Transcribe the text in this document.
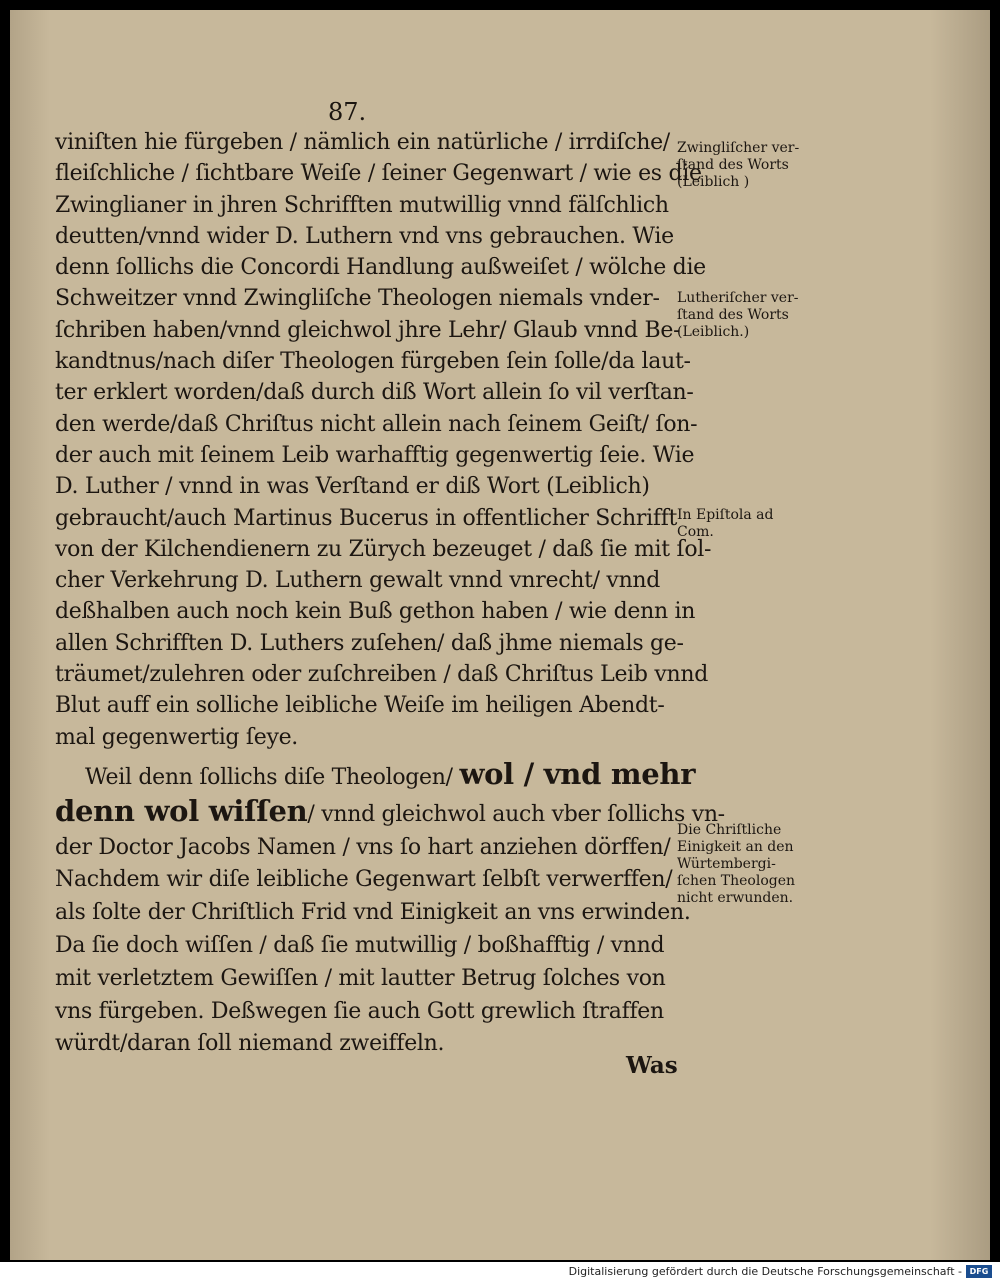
87.
viniſten hie fürgeben / nämlich ein natürliche / irrdiſche/
fleiſchliche / ſichtbare Weiſe / ſeiner Gegenwart / wie es die
Zwinglianer in jhren Schrifften mutwillig vnnd fälſchlich
deutten/vnnd wider D. Luthern vnd vns gebrauchen. Wie
denn ſollichs die Concordi Handlung außweiſet / wölche die
Schweitzer vnnd Zwingliſche Theologen niemals vnder-
ſchriben haben/vnnd gleichwol jhre Lehr/ Glaub vnnd Be-
kandtnus/nach diſer Theologen fürgeben ſein ſolle/da laut-
ter erklert worden/daß durch diß Wort allein ſo vil verſtan-
den werde/daß Chriſtus nicht allein nach ſeinem Geiſt/ ſon-
der auch mit ſeinem Leib warhafftig gegenwertig ſeie. Wie
D. Luther / vnnd in was Verſtand er diß Wort (Leiblich)
gebraucht/auch Martinus Bucerus in offentlicher Schrifft
von der Kilchendienern zu Zürych bezeuget / daß ſie mit ſol-
cher Verkehrung D. Luthern gewalt vnnd vnrecht/ vnnd
deßhalben auch noch kein Buß gethon haben / wie denn in
allen Schrifften D. Luthers zuſehen/ daß jhme niemals ge-
träumet/zulehren oder zuſchreiben / daß Chriſtus Leib vnnd
Blut auff ein solliche leibliche Weiſe im heiligen Abendt-
mal gegenwertig ſeye.
Weil denn ſollichs diſe Theologen/ wol / vnd mehr
denn wol wiſſen/ vnnd gleichwol auch vber ſollichs vn-
der Doctor Jacobs Namen / vns ſo hart anziehen dörffen/
Nachdem wir diſe leibliche Gegenwart ſelbſt verwerffen/
als ſolte der Chriſtlich Frid vnd Einigkeit an vns erwinden.
Da ſie doch wiſſen / daß ſie mutwillig / boßhafftig / vnnd
mit verletztem Gewiſſen / mit lautter Betrug ſolches von
vns fürgeben. Deßwegen ſie auch Gott grewlich ſtraffen
würdt/daran ſoll niemand zweiffeln.
Zwingliſcher ver-
ſtand des Worts
(Leiblich )
Lutheriſcher ver-
ſtand des Worts
(Leiblich.)
In Epiſtola ad
Com.
Die Chriſtliche
Einigkeit an den
Würtembergi-
ſchen Theologen
nicht erwunden.
Was
Digitalisierung gefördert durch die Deutsche Forschungsgemeinschaft - DFG
